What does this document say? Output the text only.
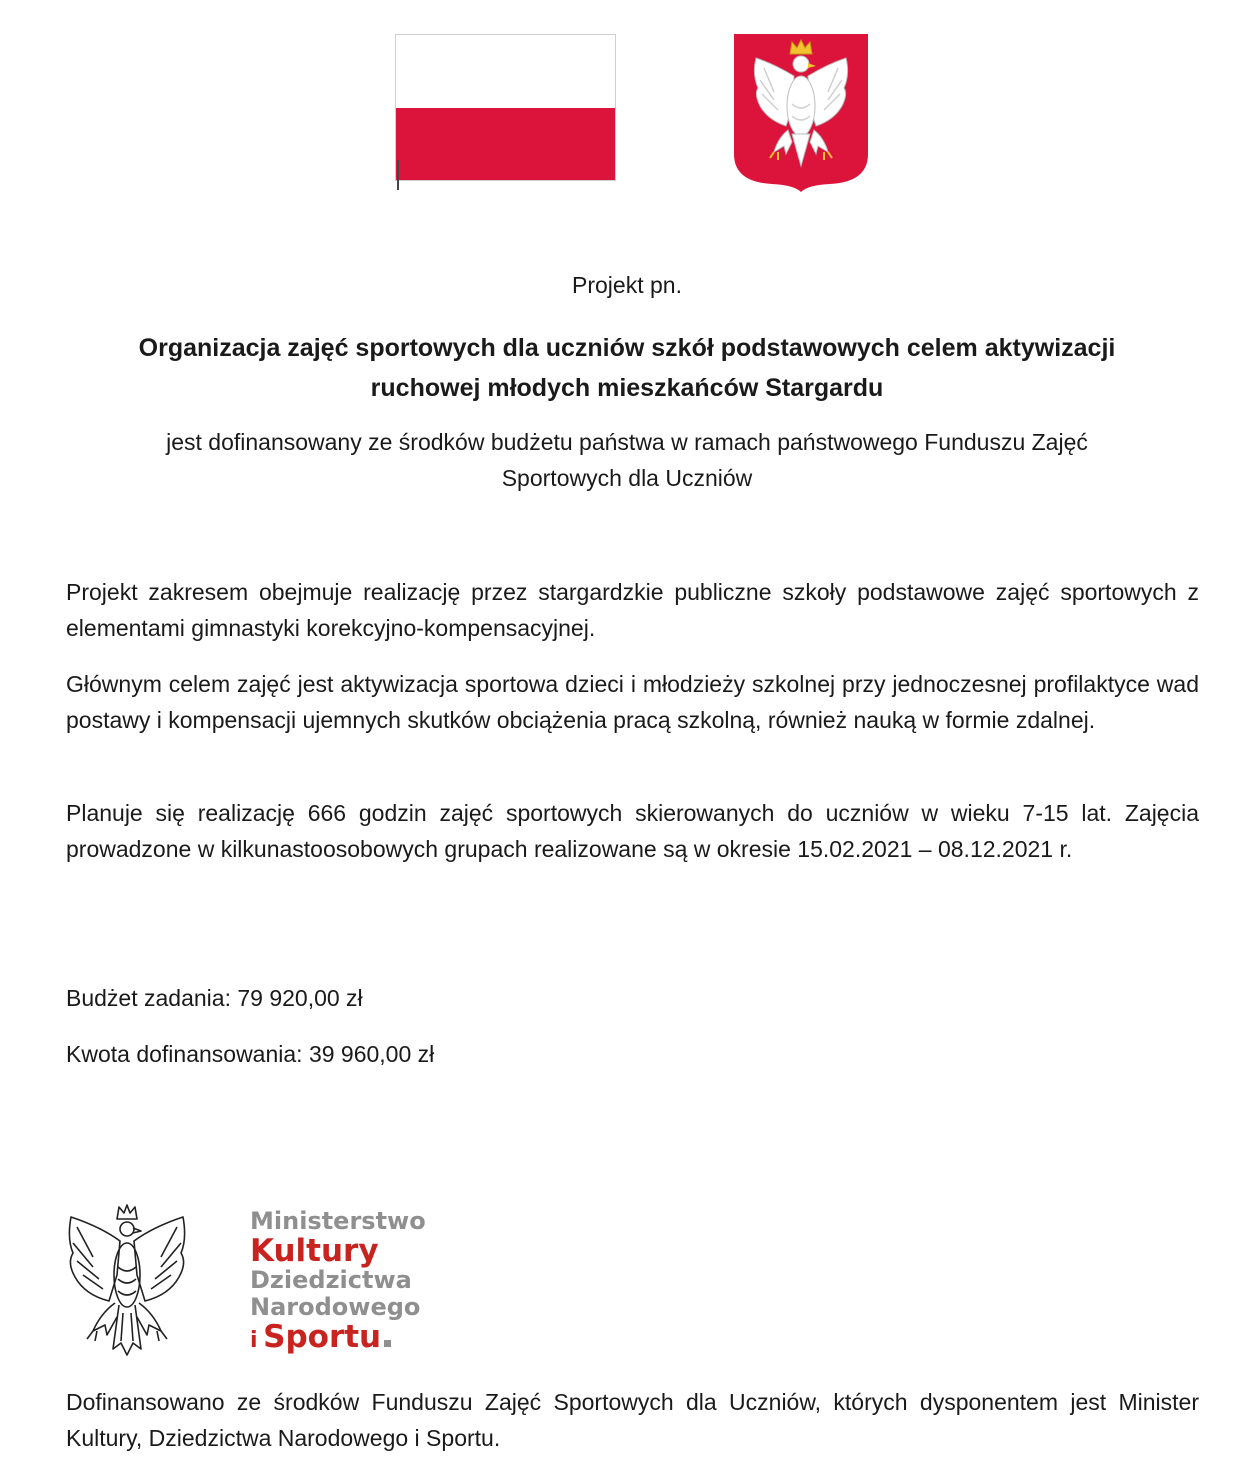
Projekt pn.
Organizacja zajęć sportowych dla uczniów szkół podstawowych celem aktywizacji
ruchowej młodych mieszkańców Stargardu
jest dofinansowany ze środków budżetu państwa w ramach państwowego Funduszu Zajęć
Sportowych dla Uczniów
Projekt zakresem obejmuje realizację przez stargardzkie publiczne szkoły podstawowe zajęć sportowych z elementami gimnastyki korekcyjno-kompensacyjnej.
Głównym celem zajęć jest aktywizacja sportowa dzieci i młodzieży szkolnej przy jednoczesnej profilaktyce wad postawy i kompensacji ujemnych skutków obciążenia pracą szkolną, również nauką w formie zdalnej.
Planuje się realizację 666 godzin zajęć sportowych skierowanych do uczniów w wieku 7-15 lat. Zajęcia prowadzone w kilkunastoosobowych grupach realizowane są w okresie 15.02.2021 – 08.12.2021 r.
Budżet zadania: 79 920,00 zł
Kwota dofinansowania: 39 960,00 zł
Ministerstwo
Kultury
Dziedzictwa
Narodowego
i Sportu
Dofinansowano ze środków Funduszu Zajęć Sportowych dla Uczniów, których dysponentem jest Minister Kultury, Dziedzictwa Narodowego i Sportu.
